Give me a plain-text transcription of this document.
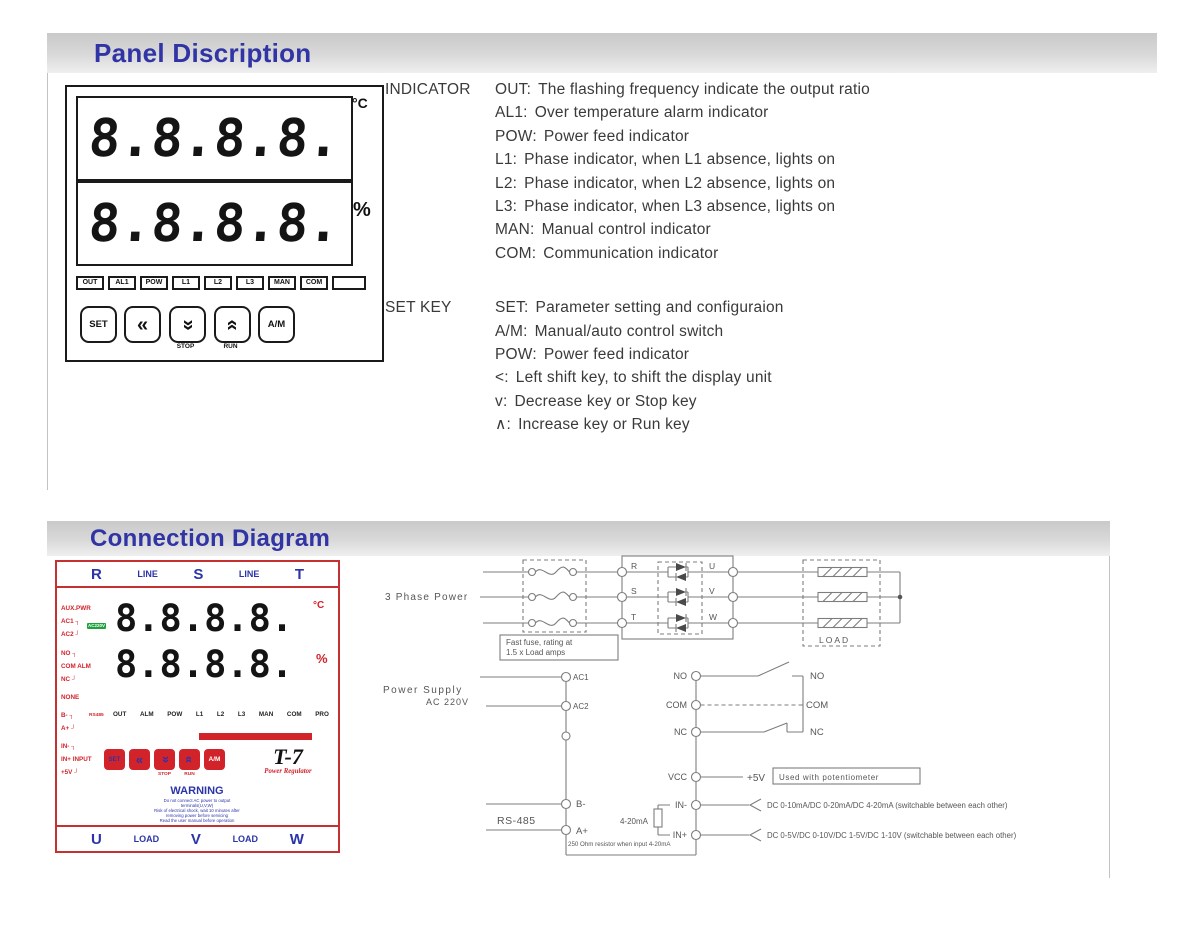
Panel Discription
Connection Diagram
8.8.8.8.
°C
8.8.8.8. %
OUT	AL1	POW	L1	L2	L3	MAN	COM
SET « « «	A/M
STOP	RUN
INDICATOR	OUT: The flashing frequency indicate the output ratio
AL1: Over temperature alarm indicator
POW: Power feed indicator
L1: Phase indicator, when L1 absence, lights on
L2: Phase indicator, when L2 absence, lights on
L3: Phase indicator, when L3 absence, lights on
MAN: Manual control indicator
COM: Communication indicator
SET KEY	SET: Parameter setting and configuraion
A/M: Manual/auto control switch
POW: Power feed indicator
<: Left shift key, to shift the display unit
v: Decrease key or Stop key
∧: Increase key or Run key
R	LINE S	LINE T
AUX.PWR
AC1 ┐
AC2 ┘
NO ┐
COM ALM
NC ┘
NONE
B- ┐
A+ ┘
IN- ┐
IN+ INPUT
+5V ┘
AC220V
RS485
8.8.8.8. °C
8.8.8.8. %
OUT ALM POW L1 L2 L3 MAN COM PRO
SET « « « A/M
STOP	RUN
T-7
Power Regulator
WARNING
Do not connect AC power to output
terminals(U,V,W)
Risk of electrical shock, wait 10 minutes after
removing power before servicing
Read the user manual before operation
U	LOAD V	LOAD W
3 Phase Power
Fast fuse, rating at
1.5 x Load amps
R
S
T
U
V
W
LOAD
Power Supply
AC 220V
AC1
AC2
B-
A+
RS-485
NO
COM
NC
VCC
IN-
IN+
NO
COM
NC
+5V Used with potentiometer
DC 0-10mA/DC 0-20mA/DC 4-20mA (switchable between each other)
DC 0-5V/DC 0-10V/DC 1-5V/DC 1-10V (switchable between each other)
4-20mA
250 Ohm resistor when input 4-20mA
